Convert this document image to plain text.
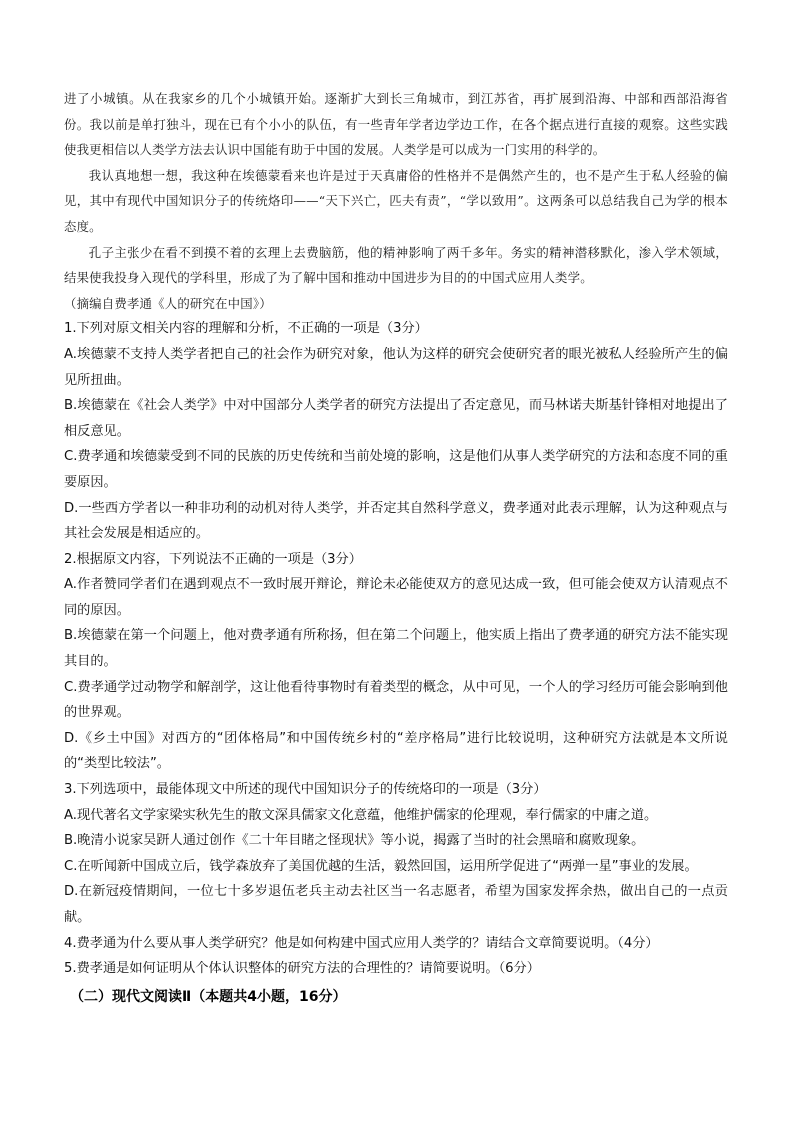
进了小城镇。从在我家乡的几个小城镇开始。逐渐扩大到长三角城市，到江苏省，再扩展到沿海、中部和西部沿海省份。我以前是单打独斗，现在已有个小小的队伍，有一些青年学者边学边工作，在各个据点进行直接的观察。这些实践使我更相信以人类学方法去认识中国能有助于中国的发展。人类学是可以成为一门实用的科学的。

我认真地想一想，我这种在埃德蒙看来也许是过于天真庸俗的性格并不是偶然产生的，也不是产生于私人经验的偏见，其中有现代中国知识分子的传统烙印——“天下兴亡，匹夫有责”，“学以致用”。这两条可以总结我自己为学的根本态度。

孔子主张少在看不到摸不着的玄理上去费脑筋，他的精神影响了两千多年。务实的精神潜移默化，渗入学术领域，结果使我投身入现代的学科里，形成了为了解中国和推动中国进步为目的的中国式应用人类学。

（摘编自费孝通《人的研究在中国》）

1.下列对原文相关内容的理解和分析，不正确的一项是（3分）

A.埃德蒙不支持人类学者把自己的社会作为研究对象，他认为这样的研究会使研究者的眼光被私人经验所产生的偏见所扭曲。

B.埃德蒙在《社会人类学》中对中国部分人类学者的研究方法提出了否定意见，而马林诺夫斯基针锋相对地提出了相反意见。

C.费孝通和埃德蒙受到不同的民族的历史传统和当前处境的影响，这是他们从事人类学研究的方法和态度不同的重要原因。

D.一些西方学者以一种非功利的动机对待人类学，并否定其自然科学意义，费孝通对此表示理解，认为这种观点与其社会发展是相适应的。

2.根据原文内容，下列说法不正确的一项是（3分）

A.作者赞同学者们在遇到观点不一致时展开辩论，辩论未必能使双方的意见达成一致，但可能会使双方认清观点不同的原因。

B.埃德蒙在第一个问题上，他对费孝通有所称扬，但在第二个问题上，他实质上指出了费孝通的研究方法不能实现其目的。

C.费孝通学过动物学和解剖学，这让他看待事物时有着类型的概念，从中可见，一个人的学习经历可能会影响到他的世界观。

D.《乡土中国》对西方的“团体格局”和中国传统乡村的“差序格局”进行比较说明，这种研究方法就是本文所说的“类型比较法”。

3.下列选项中，最能体现文中所述的现代中国知识分子的传统烙印的一项是（3分）

A.现代著名文学家梁实秋先生的散文深具儒家文化意蕴，他维护儒家的伦理观，奉行儒家的中庸之道。

B.晚清小说家吴趼人通过创作《二十年目睹之怪现状》等小说，揭露了当时的社会黑暗和腐败现象。

C.在听闻新中国成立后，钱学森放弃了美国优越的生活，毅然回国，运用所学促进了“两弹一星”事业的发展。

D.在新冠疫情期间，一位七十多岁退伍老兵主动去社区当一名志愿者，希望为国家发挥余热，做出自己的一点贡献。

4.费孝通为什么要从事人类学研究？他是如何构建中国式应用人类学的？请结合文章简要说明。（4分）

5.费孝通是如何证明从个体认识整体的研究方法的合理性的？请简要说明。（6分）

（二）现代文阅读Ⅱ（本题共4小题，16分）
